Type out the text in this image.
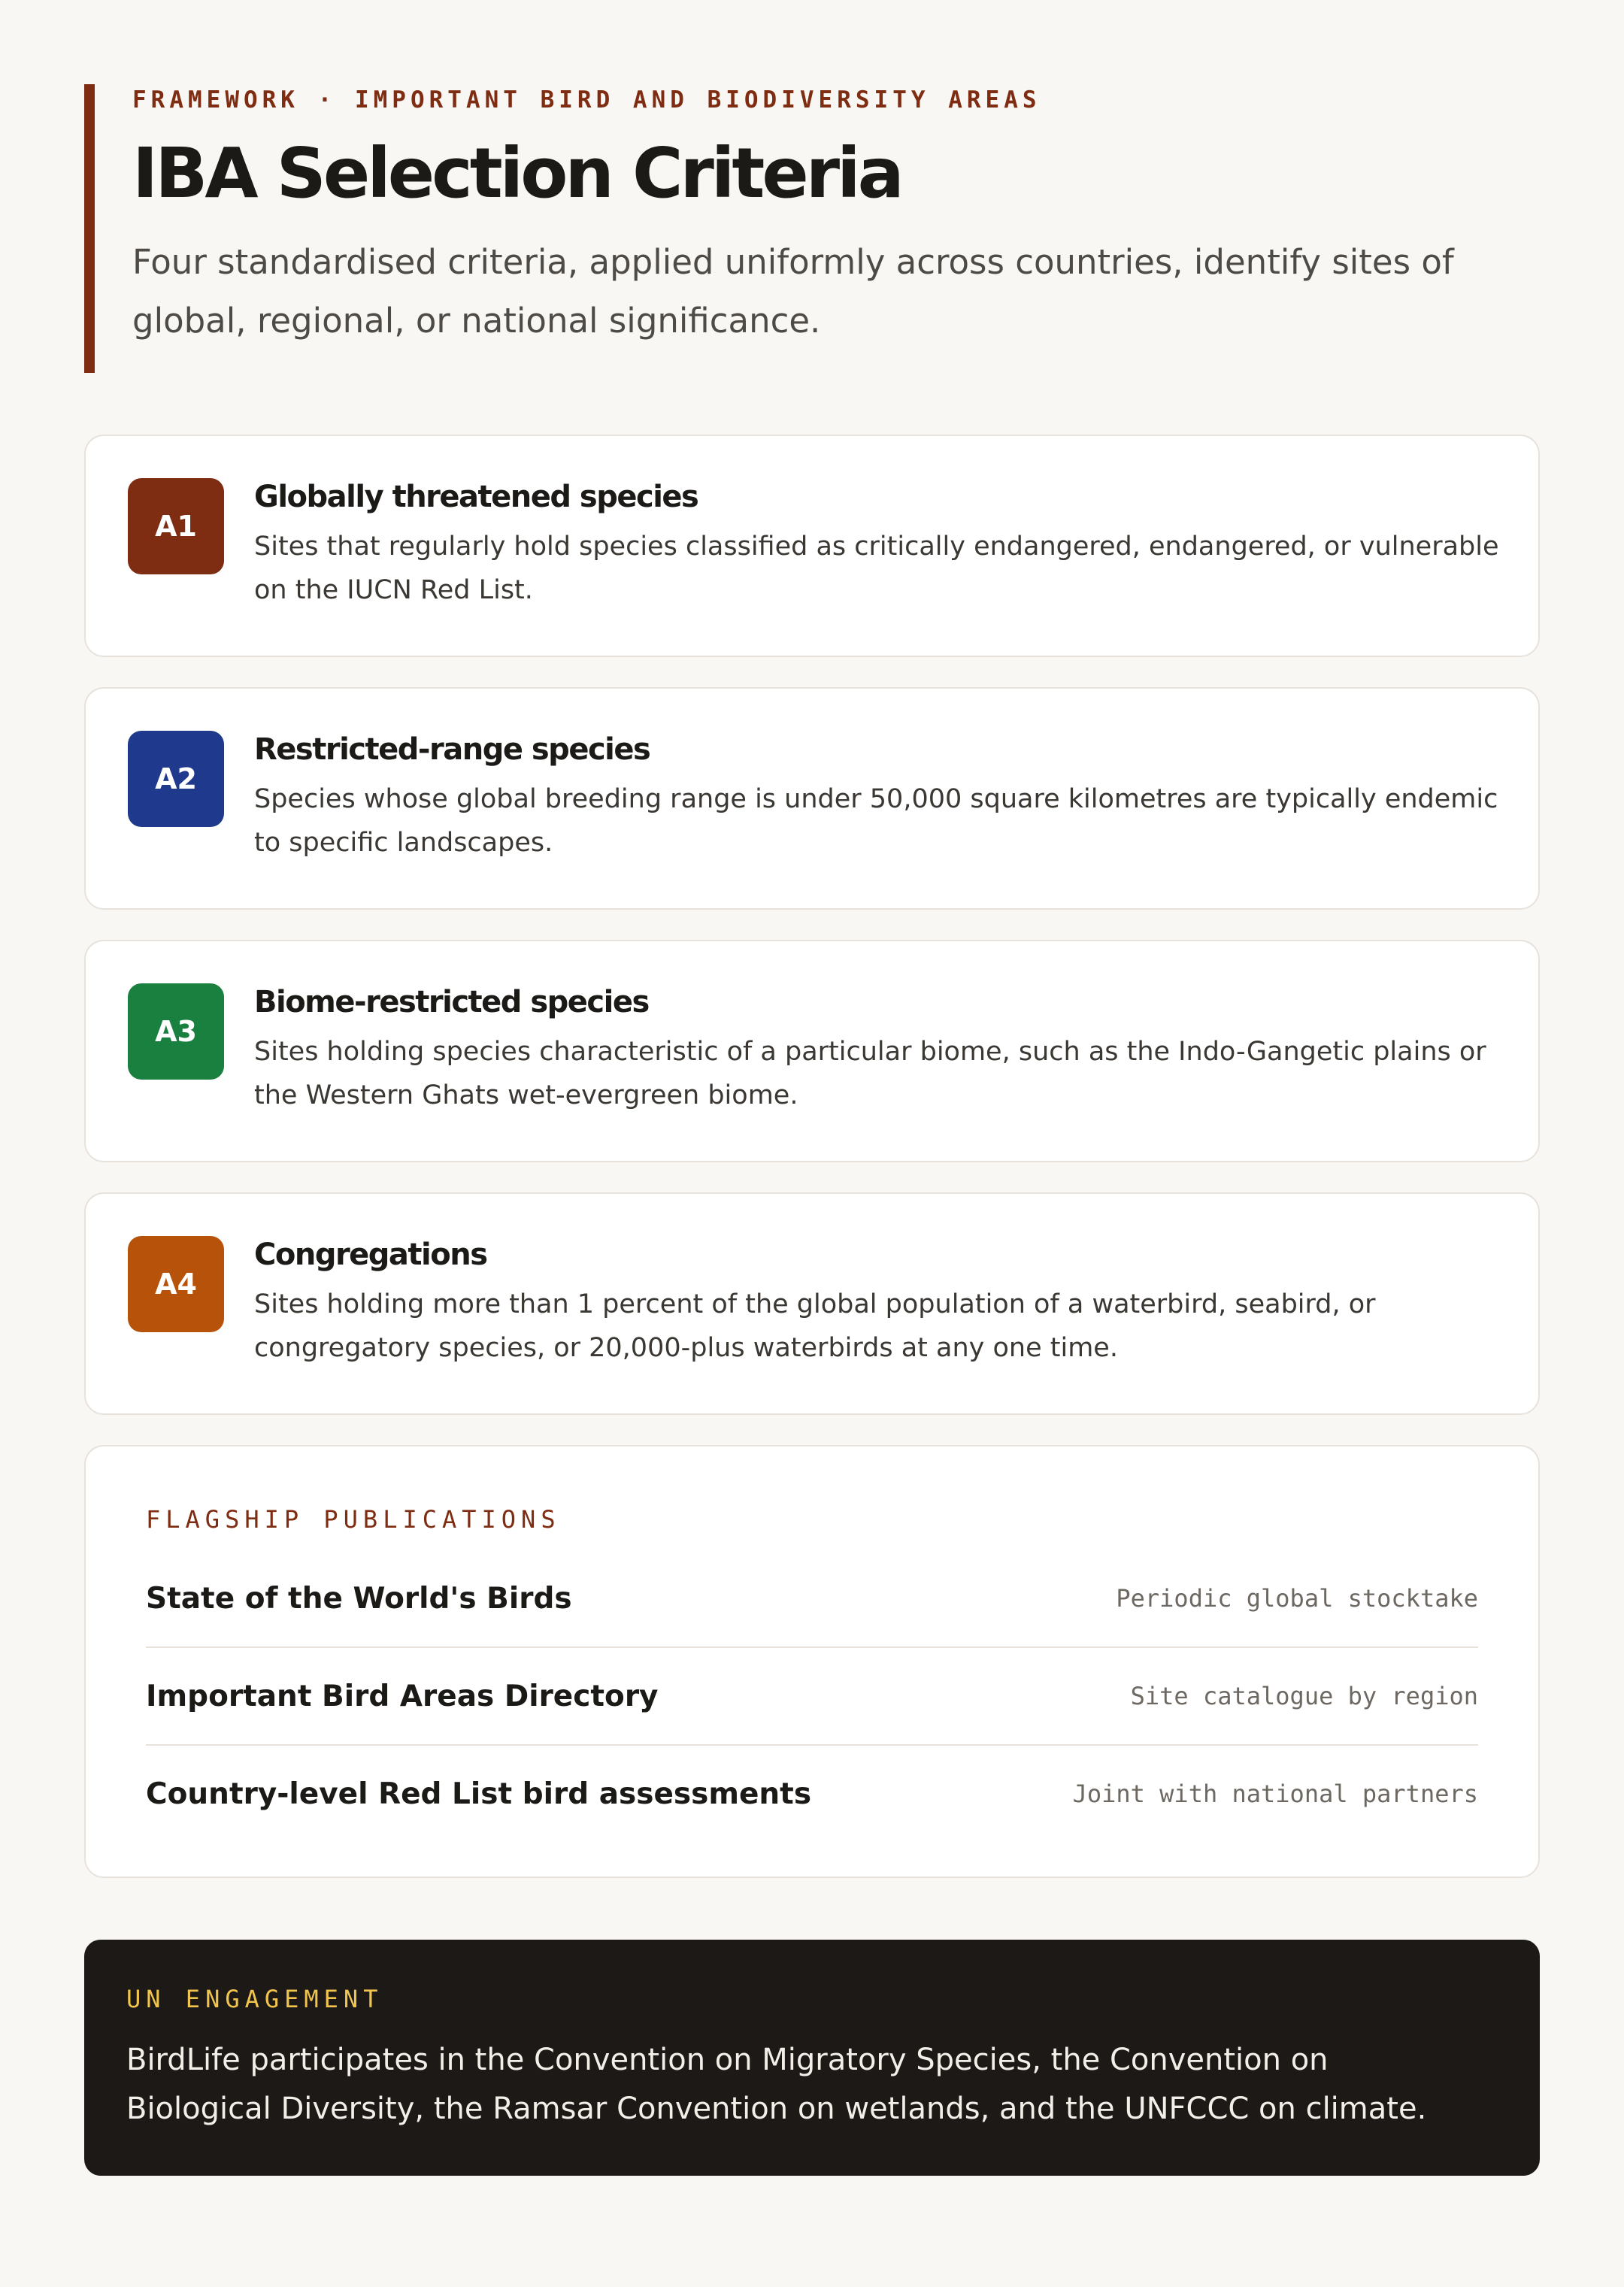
FRAMEWORK · IMPORTANT BIRD AND BIODIVERSITY AREAS

IBA Selection Criteria

Four standardised criteria, applied uniformly across countries, identify sites of global, regional, or national significance.

A1
Globally threatened species

Sites that regularly hold species classified as critically endangered, endangered, or vulnerable on the IUCN Red List.

A2
Restricted-range species

Species whose global breeding range is under 50,000 square kilometres are typically endemic to specific landscapes.

A3
Biome-restricted species

Sites holding species characteristic of a particular biome, such as the Indo-Gangetic plains or the Western Ghats wet-evergreen biome.

A4
Congregations

Sites holding more than 1 percent of the global population of a waterbird, seabird, or congregatory species, or 20,000-plus waterbirds at any one time.

FLAGSHIP PUBLICATIONS

State of the World's Birds	Periodic global stocktake
Important Bird Areas Directory	Site catalogue by region
Country-level Red List bird assessments	Joint with national partners

UN ENGAGEMENT

BirdLife participates in the Convention on Migratory Species, the Convention on Biological Diversity, the Ramsar Convention on wetlands, and the UNFCCC on climate.
